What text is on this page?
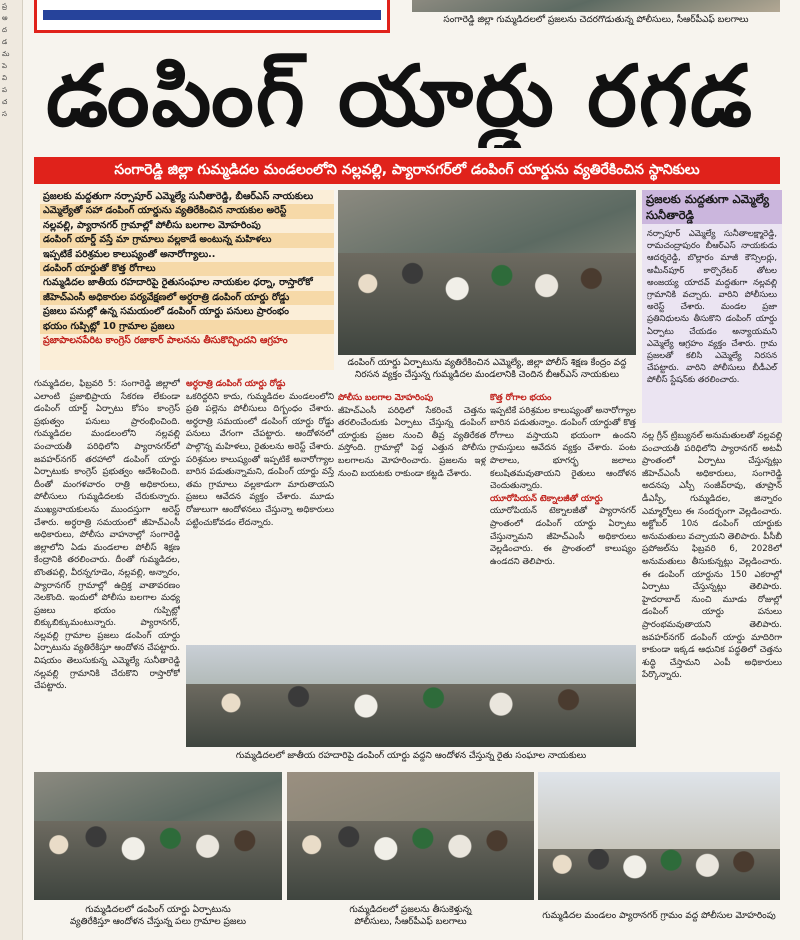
ప్ర
అ
ద
డ
మ
పె
వి
ప
చ
స
సంగారెడ్డి జిల్లా గుమ్మడిదలలో ప్రజలను చెదరగొడుతున్న పోలీసులు, సీఆర్‌పీఎఫ్ బలగాలు
డంపింగ్ యార్డు రగడ
సంగారెడ్డి జిల్లా గుమ్మడిదల మండలంలోని నల్లవల్లి, ప్యారానగర్‌లో డంపింగ్ యార్డును వ్యతిరేకించిన స్థానికులు
ప్రజలకు మద్దతుగా నర్సాపూర్ ఎమ్మెల్యే సునీతారెడ్డి, బీఆర్ఎస్ నాయకులు
ఎమ్మెల్యేతో సహా డంపింగ్ యార్డును వ్యతిరేకించిన నాయకుల అరెస్ట్
నల్లవల్లి, ప్యారానగర్ గ్రామాల్లో పోలీసు బలగాల మోహరింపు
డంపింగ్ యార్డ్ వస్తే మా గ్రామాలు వల్లకాడే అంటున్న మహిళలు
ఇప్పటికే పరిశ్రమల కాలుష్యంతో అనారోగ్యాలు..
డంపింగ్ యార్డుతో కొత్త రోగాలు
గుమ్మడిదల జాతీయ రహదారిపై రైతుసంఘాల నాయకుల ధర్నా, రాస్తారోకో
జీహెచ్ఎంసీ అధికారుల పర్యవేక్షణలో అర్ధరాత్రి డంపింగ్ యార్డు రోడ్డు
ప్రజలు పనుల్లో ఉన్న సమయంలో డంపింగ్ యార్డు పనులు ప్రారంభం
భయం గుప్పిట్లో 10 గ్రామాల ప్రజలు
ప్రజాపాలనపేరిట కాంగ్రెస్ రజాకార్ పాలనను తీసుకొచ్చిందని ఆగ్రహం
డంపింగ్ యార్డు ఏర్పాటును వ్యతిరేకించిన ఎమ్మెల్యే, జిల్లా పోలీస్ శిక్షణ కేంద్రం వద్ద నిరసన వ్యక్తం చేస్తున్న గుమ్మడిదల మండలానికి చెందిన బీఆర్ఎస్ నాయకులు
ప్రజలకు మద్దతుగా ఎమ్మెల్యే సునీతారెడ్డి
నర్సాపూర్ ఎమ్మెల్యే సునీతాలక్ష్మారెడ్డి, రామచంద్రాపురం బీఆర్ఎస్ నాయకుడు ఆదర్శరెడ్డి, బొల్లారం మాజీ కౌన్సిలర్లు, అమీన్‌పూర్ కార్పొరేటర్ తోటల అంజయ్య యాదవ్ మద్దతుగా నల్లవల్లి గ్రామానికి వచ్చారు. వారిని పోలీసులు అరెస్ట్ చేశారు. మండల ప్రజా ప్రతినిధులను తీసుకొని డంపింగ్ యార్డు ఏర్పాటు చేయడం అన్యాయమని ఎమ్మెల్యే ఆగ్రహం వ్యక్తం చేశారు. గ్రామ ప్రజలతో కలిసి ఎమ్మెల్యే నిరసన చేపట్టారు. వారిని పోలీసులు బీడీఎల్ పోలీస్ స్టేషన్‌కు తరలించారు.
గుమ్మడిదల, ఫిబ్రవరి 5: సంగారెడ్డి జిల్లాలో ఎలాంటి ప్రజాభిప్రాయ సేకరణ లేకుండా డంపింగ్ యార్డ్ ఏర్పాటు కోసం కాంగ్రెస్ ప్రభుత్వం పనులు ప్రారంభించింది. గుమ్మడిదల మండలంలోని నల్లవల్లి పంచాయతీ పరిధిలోని ప్యారానగర్‌లో జవహర్‌నగర్ తరహాలో డంపింగ్ యార్డు ఏర్పాటుకు కాంగ్రెస్ ప్రభుత్వం ఆదేశించింది. దీంతో మంగళవారం రాత్రి అధికారులు, పోలీసులు గుమ్మడిదలకు చేరుకున్నారు. ముఖ్యనాయకులను ముందస్తుగా అరెస్ట్ చేశారు. అర్ధరాత్రి సమయంలో జీహెచ్ఎంసీ అధికారులు, పోలీసు వాహనాల్లో సంగారెడ్డి జిల్లాలోని ఏడు మండలాల పోలీస్ శిక్షణ కేంద్రానికి తరలించారు. దీంతో గుమ్మడిదల, బొంతపల్లి, వీరన్నగూడెం, నల్లవల్లి, అన్నారం, ప్యారానగర్ గ్రామాల్లో ఉద్రిక్త వాతావరణం నెలకొంది. ఇందులో పోలీసు బలగాల మధ్య ప్రజలు భయం గుప్పిట్లో బిక్కుబిక్కుమంటున్నారు. ప్యారానగర్, నల్లవల్లి గ్రామాల ప్రజలు డంపింగ్ యార్డు ఏర్పాటును వ్యతిరేకిస్తూ ఆందోళన చేపట్టారు. విషయం తెలుసుకున్న ఎమ్మెల్యే సునీతారెడ్డి నల్లవల్లి గ్రామానికి చేరుకొని రాస్తారోకో చేపట్టారు.
అర్ధరాత్రి డంపింగ్ యార్డు రోడ్డు
ఒకరిద్దరిని కాదు, గుమ్మడిదల మండలంలోని ప్రతి పల్లెను పోలీసులు దిగ్బంధం చేశారు. అర్ధరాత్రి సమయంలో డంపింగ్ యార్డు రోడ్డు పనులు వేగంగా చేపట్టారు. ఆందోళనలో పాల్గొన్న మహిళలు, రైతులను అరెస్ట్ చేశారు. పరిశ్రమల కాలుష్యంతో ఇప్పటికే అనారోగ్యాల బారిన పడుతున్నామని, డంపింగ్ యార్డు వస్తే తమ గ్రామాలు వల్లకాడుగా మారుతాయని ప్రజలు ఆవేదన వ్యక్తం చేశారు. మూడు రోజులుగా ఆందోళనలు చేస్తున్నా అధికారులు పట్టించుకోవడం లేదన్నారు.
పోలీసు బలగాల మోహరింపు
జీహెచ్ఎంసీ పరిధిలో సేకరించే చెత్తను తరలించేందుకు ఏర్పాటు చేస్తున్న డంపింగ్ యార్డుకు ప్రజల నుంచి తీవ్ర వ్యతిరేకత వస్తోంది. గ్రామాల్లో పెద్ద ఎత్తున పోలీసు బలగాలను మోహరించారు. ప్రజలను ఇళ్ల నుంచి బయటకు రాకుండా కట్టడి చేశారు.
కొత్త రోగాల భయం
ఇప్పటికే పరిశ్రమల కాలుష్యంతో అనారోగ్యాల బారిన పడుతున్నాం. డంపింగ్ యార్డుతో కొత్త రోగాలు వస్తాయని భయంగా ఉందని గ్రామస్తులు ఆవేదన వ్యక్తం చేశారు. పంట పొలాలు, భూగర్భ జలాలు కలుషితమవుతాయని రైతులు ఆందోళన చెందుతున్నారు.
యూరోపియన్ టెక్నాలజీతో యార్డు
యూరోపియన్ టెక్నాలజీతో ప్యారానగర్ ప్రాంతంలో డంపింగ్ యార్డు ఏర్పాటు చేస్తున్నామని జీహెచ్ఎంసీ అధికారులు వెల్లడించారు. ఈ ప్రాంతంలో కాలుష్యం ఉండదని తెలిపారు.
నల్ల గ్రీన్ ట్రిబ్యునల్ అనుమతులతో నల్లవల్లి పంచాయతీ పరిధిలోని ప్యారానగర్ అటవీ ప్రాంతంలో ఏర్పాటు చేస్తున్నట్లు జీహెచ్ఎంసీ అధికారులు, సంగారెడ్డి అదనపు ఎస్పీ సంజీవ్‌రావు, తూప్రాన్ డీఎస్పీ, గుమ్మడిదల, జిన్నారం ఎమ్మార్వోలు ఈ సందర్భంగా వెల్లడించారు. అక్టోబర్ 10న డంపింగ్ యార్డుకు అనుమతులు వచ్చాయని తెలిపారు. పీసీబీ ప్రపోజల్‌ను ఫిబ్రవరి 6, 2028లో అనుమతులు తీసుకున్నట్లు వెల్లడించారు. ఈ డంపింగ్ యార్డును 150 ఎకరాల్లో ఏర్పాటు చేస్తున్నట్లు తెలిపారు. హైదరాబాద్ నుంచి మూడు రోజుల్లో డంపింగ్ యార్డు పనులు ప్రారంభమవుతాయని తెలిపారు. జవహర్‌నగర్ డంపింగ్ యార్డు మాదిరిగా కాకుండా ఇక్కడ ఆధునిక పద్ధతిలో చెత్తను శుద్ధి చేస్తామని ఎంపీ అధికారులు పేర్కొన్నారు.
గుమ్మడిదలలో జాతీయ రహదారిపై డంపింగ్ యార్డు వద్దని ఆందోళన చేస్తున్న రైతు సంఘాల నాయకులు
గుమ్మడిదలలో డంపింగ్ యార్డు ఏర్పాటును
వ్యతిరేకిస్తూ ఆందోళన చేస్తున్న పలు గ్రామాల ప్రజలు
గుమ్మడిదలలో ప్రజలను తీసుకెళ్తున్న
పోలీసులు, సీఆర్‌పీఎఫ్ బలగాలు
గుమ్మడిదల మండలం ప్యారానగర్ గ్రామం వద్ద పోలీసుల మోహరింపు
